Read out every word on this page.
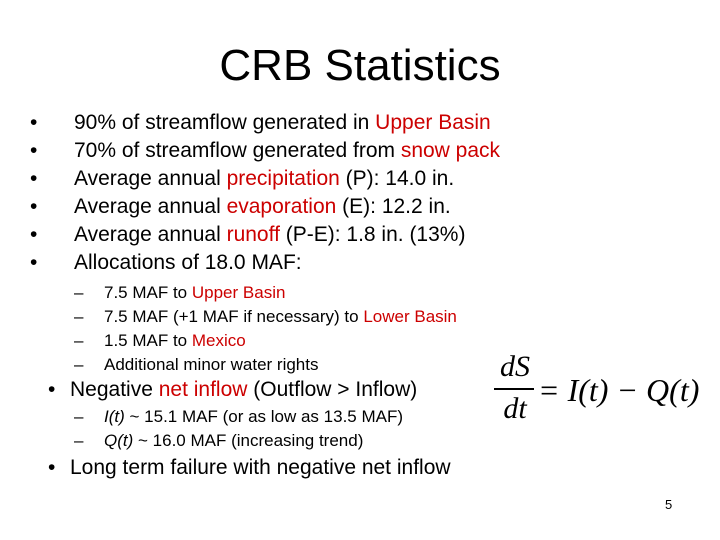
CRB Statistics
• 90% of streamflow generated in Upper Basin
• 70% of streamflow generated from snow pack
• Average annual precipitation (P): 14.0 in.
• Average annual evaporation (E): 12.2 in.
• Average annual runoff (P-E): 1.8 in. (13%)
• Allocations of 18.0 MAF:
– 7.5 MAF to Upper Basin
– 7.5 MAF (+1 MAF if necessary) to Lower Basin
– 1.5 MAF to Mexico
– Additional minor water rights
• Negative net inflow (Outflow > Inflow)
– I(t) ~ 15.1 MAF (or as low as 13.5 MAF)
– Q(t) ~ 16.0 MAF (increasing trend)
• Long term failure with negative net inflow
dS
dt
= I(t) − Q(t)
5
